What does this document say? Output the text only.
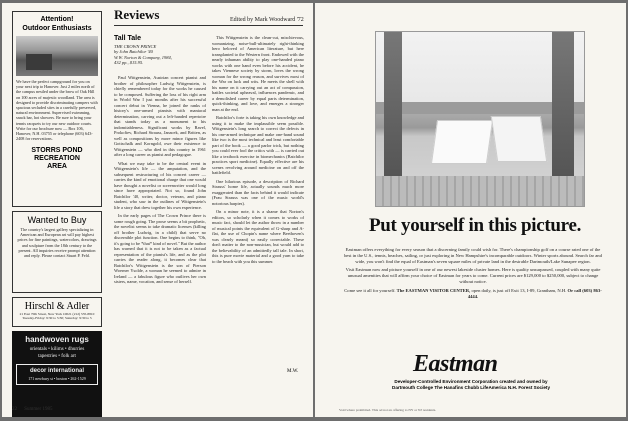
Attention!
Outdoor Enthusiasts
We have the perfect campground for you on your next trip to Hanover. Just 2 miles north of the campus nestled under the brow of Oak Hill on 100 acres of majestic woodland. The area is designed to provide discriminating campers with spacious secluded sites in a carefully preserved, natural environment. Supervised swimming, snack bar, hot showers. Be sure to bring your tennis racquets to try our new outdoor courts. Write for our brochure now — Box 106, Hanover, N.H. 03755 or telephone (603) 643-2408 for reservations.
STORRS POND
RECREATION
AREA
Wanted to Buy
The country's largest gallery specializing in American and European art will pay highest prices for fine paintings, watercolors, drawings and sculpture from the 18th century to the present. All inquiries receive prompt attention and reply. Please contact Stuart P. Feld.
Hirschl & Adler
21 East 70th Street, New York 10021 (212) 535-8810 Tuesday-Friday: 9:30 to 5:30; Saturday: 9:30 to 5
handwoven rugs
orientals • kilims • dhurries
tapestries • folk art
decor international
171 newbury st • boston • 262-1529
Reviews	Edited by Mark Woodward '72
Tall Tale
THE CROWN PRINCE
by John Batchilor '40
W.W. Norton & Company, 1984,
432 pp., $15.95.

Paul Wittgenstein, Austrian concert pianist and brother of philosopher Ludwig Wittgenstein, is chiefly remembered today for the works he caused to be composed. Suffering the loss of his right arm in World War I just months after his successful concert debut in Vienna, he joined the ranks of history's one-armed pianists with maniacal determination, carving out a left-handed repertoire that stands today as a monument to his indomitableness. Significant works by Ravel, Prokofiev, Richard Strauss, Janacek, and Britten, as well as compositions by more minor figures like Gottschalk and Korngold, owe their existence to Wittgenstein — who died in this country in 1961 after a long career as pianist and pedagogue.

What we may take to be the central event in Wittgenstein's life — the amputation, and the subsequent restructuring of his concert career — carries the kind of emotional charge that one would have thought a novelist or screenwriter would long since have appropriated. Not so, found John Batchilor '40, writer, doctor, veteran, and piano student, who saw in the outlines of Wittgenstein's life a story that drew together his own experience.

In the early pages of The Crown Prince there is some rough going. The prose seems a bit prophetic, the novelist seems to take dramatic licenses (killing off brother Ludwig, in a child) that serve no discernible plot function. One begins to think, "Oh, it's going to be *that* kind of novel." But the author has warned that it is not to be taken as a factual representation of the pianist's life, and as the plot carries the reader along, it becomes clear that Batchilor's Wittgenstein is the son of Pierson Woerner Ysolde, a woman he seemed to admire in Ireland — a fabulous figure who outlives her own sisters, name, vocation, and sense of herself.

This Wittgenstein is the clean-cut, mischievous, womanizing, noise-bull-ultimately right-thinking hero beloved of American literature, but here transplanted to the Western front. Endowed with the nearly inhuman ability to play one-handed piano works with one hand even before his accident, he takes Viennese society by storm, loves the wrong woman for the wrong reason, and survives most of the War on luck and wits. He meets the shell with his name on it carrying out an act of compassion, battles societal upheaval, influences pandemic, and a demolished career by equal parts determination, quick-thinking, and love, and emerges a stronger man at the end.

Batchilor's forte is taking his own knowledge and using it to make the implausible seem possible. Wittgenstein's long search to correct the defects in his one-armed technique and make one-hand sound like two is the most technical and least comfortable part of the book — a good parlor trick, but nothing you could ever fool the critics with — is carried out like a textbook exercise in biomechanics (Batchilor practices sport medicine). Equally effective are his scenes revolving around medicine on and off the battlefield.

One hilarious episode, a description of Richard Strauss' home life, actually sounds much more exaggerated than the facts behind it would indicate (Frau Strauss was one of the music world's notorious harpies).

On a minor note, it is a shame that Norton's editors, so scholarly when it comes to works of music fact, should let the author throw in a number of musical points the equivalent of G-sharp and A-flat, the use of Chopin's name where Beethoven's was clearly meant) so easily correctable. These don't matter to the non-musician, but would add to the believability of an admittedly tall tale. In short, this is pure movie material and a good yarn to take to the beach with you this summer.

M.W.
22 Summer 1985
Put yourself in this picture.

Eastman offers everything for every season that a discerning family could wish for. There's championship golf on a course rated one of the best in the U.S., tennis, beaches, sailing, or just exploring in New Hampshire's incomparable outdoors. Winter sports abound. Search far and wide, you won't find the equal of Eastman's seven square miles of private land in the desirable Dartmouth/Lake Sunapee region.

Visit Eastman now and picture yourself in one of our newest lakeside cluster homes. Here is quality unsurpassed, coupled with many quite unusual amenities that will affirm your choice of Eastman for years to come. Current prices are $129,000 to $250,000, subject to change without notice.

Come see it all for yourself. The EASTMAN VISITOR CENTER, open daily, is just off Exit 13, I-89, Grantham, N.H. Or call (603) 863-4444.

Eastman
Developer-Controlled Environment Corporation created and owned by
Dartmouth College The Hanafins Chubb LifeAmerica N.H. Forest Society
Void where prohibited. This ad not an offering to NY or NJ residents.
